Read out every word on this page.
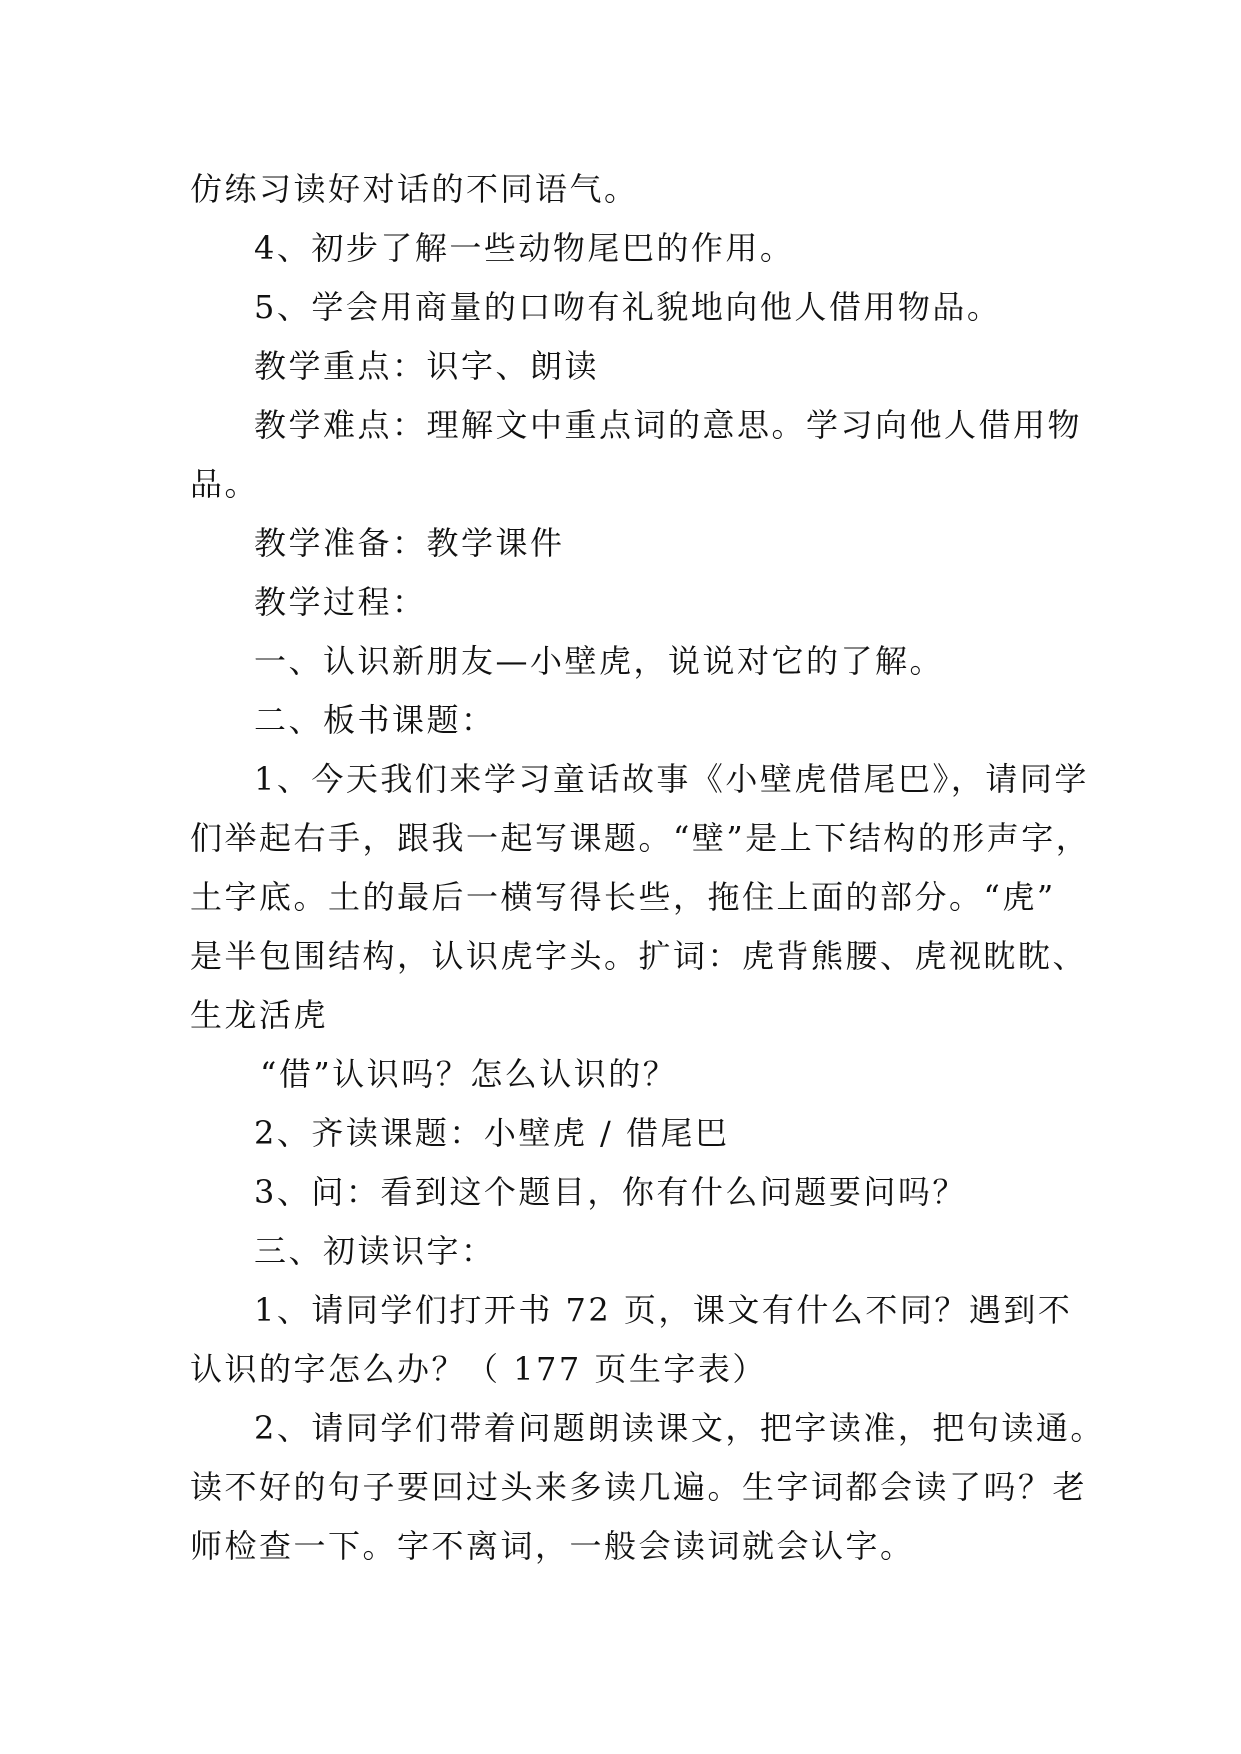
仿练习读好对话的不同语气。
4、初步了解一些动物尾巴的作用。
5、学会用商量的口吻有礼貌地向他人借用物品。
教学重点：识字、朗读
教学难点：理解文中重点词的意思。学习向他人借用物
品。
教学准备：教学课件
教学过程：
一、认识新朋友—小壁虎，说说对它的了解。
二、板书课题：
1、今天我们来学习童话故事《小壁虎借尾巴》，请同学
们举起右手，跟我一起写课题。“壁”是上下结构的形声字，
土字底。土的最后一横写得长些，拖住上面的部分。“虎”
是半包围结构，认识虎字头。扩词：虎背熊腰、虎视眈眈、
生龙活虎
“借”认识吗？怎么认识的？
2、齐读课题：小壁虎 / 借尾巴
3、问：看到这个题目，你有什么问题要问吗？
三、初读识字：
1、请同学们打开书 72 页，课文有什么不同？遇到不
认识的字怎么办？（ 177 页生字表）
2、请同学们带着问题朗读课文，把字读准，把句读通。
读不好的句子要回过头来多读几遍。生字词都会读了吗？老
师检查一下。字不离词，一般会读词就会认字。
